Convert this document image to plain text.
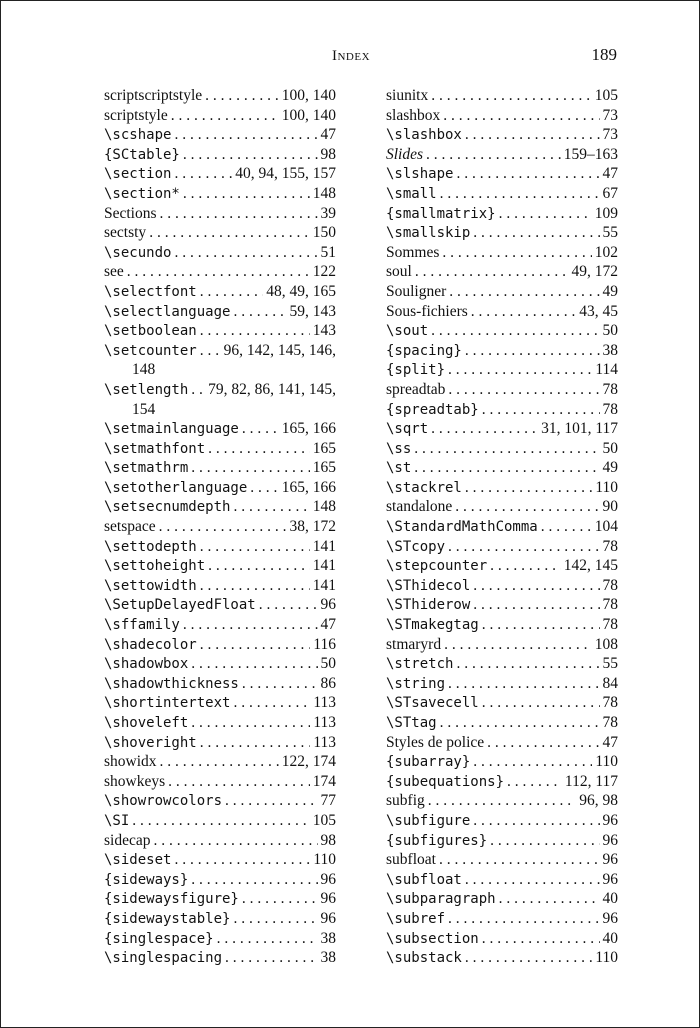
Index	189
scriptscriptstyle . . .	100, 140
scriptstyle . . .	100, 140
\scshape . . .	47
{SCtable} . . .	98
\section . . .	40, 94, 155, 157
\section* . . .	148
Sections . . .	39
sectsty . . .	150
\secundo . . .	51
see . . .	122
\selectfont . . .	48, 49, 165
\selectlanguage . . .	59, 143
\setboolean . . .	143
\setcounter . . . 96, 142, 145, 146,
148
\setlength . . . 79, 82, 86, 141, 145,
154
\setmainlanguage . . .	165, 166
\setmathfont . . .	165
\setmathrm . . .	165
\setotherlanguage . . . 165, 166
\setsecnumdepth . . .	148
setspace . . .	38, 172
\settodepth . . .	141
\settoheight . . .	141
\settowidth . . .	141
\SetupDelayedFloat . . .	96
\sffamily . . .	47
\shadecolor . . .	116
\shadowbox . . .	50
\shadowthickness . . .	86
\shortintertext . . .	113
\shoveleft . . .	113
\shoveright . . .	113
showidx . . .	122, 174
showkeys . . .	174
\showrowcolors . . .	77
\SI . . .	105
sidecap . . .	98
\sideset . . .	110
{sideways} . . .	96
{sidewaysfigure} . . .	96
{sidewaystable} . . .	96
{singlespace} . . .	38
\singlespacing . . .	38
siunitx . . .	105
slashbox . . .	73
\slashbox . . .	73
Slides . . .	159–163
\slshape . . .	47
\small . . .	67
{smallmatrix} . . .	109
\smallskip . . .	55
Sommes . . .	102
soul . . .	49, 172
Souligner . . .	49
Sous-fichiers . . .	43, 45
\sout . . .	50
{spacing} . . .	38
{split} . . .	114
spreadtab . . .	78
{spreadtab} . . .	78
\sqrt . . .	31, 101, 117
\ss . . .	50
\st . . .	49
\stackrel . . .	110
standalone . . .	90
\StandardMathComma . . .	104
\STcopy . . .	78
\stepcounter . . .	142, 145
\SThidecol . . .	78
\SThiderow . . .	78
\STmakegtag . . .	78
stmaryrd . . .	108
\stretch . . .	55
\string . . .	84
\STsavecell . . .	78
\STtag . . .	78
Styles de police . . .	47
{subarray} . . .	110
{subequations} . . .	112, 117
subfig . . .	96, 98
\subfigure . . .	96
{subfigures} . . .	96
subfloat . . .	96
\subfloat . . .	96
\subparagraph . . .	40
\subref . . .	96
\subsection . . .	40
\substack . . .	110
